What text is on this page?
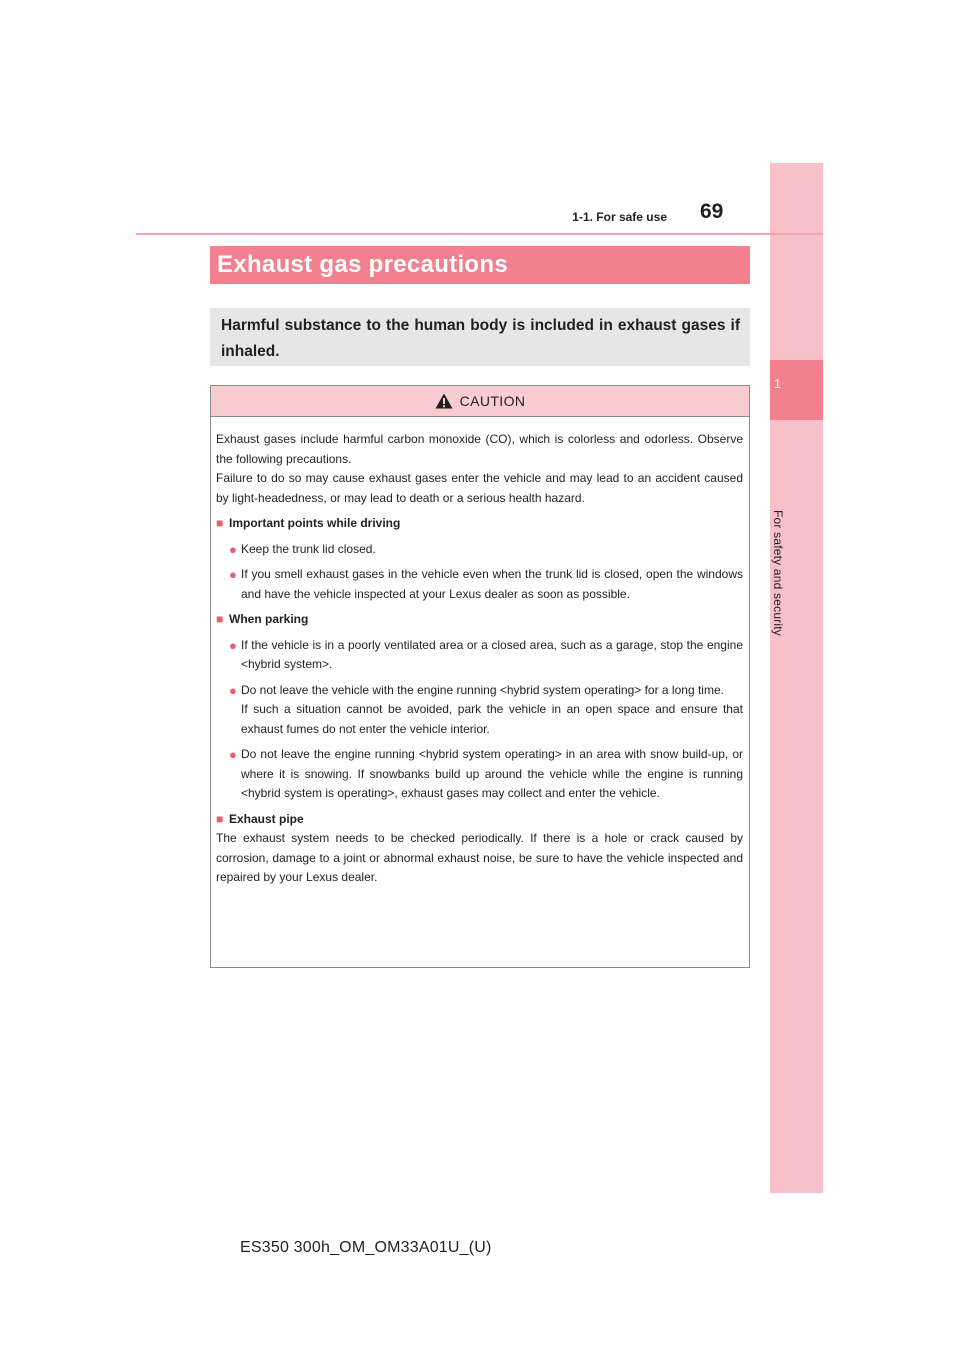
1
For safety and security
1-1. For safe use 69
Exhaust gas precautions
Harmful substance to the human body is included in exhaust gases if inhaled.
CAUTION

Exhaust gases include harmful carbon monoxide (CO), which is colorless and odorless. Observe the following precautions.

Failure to do so may cause exhaust gases enter the vehicle and may lead to an accident caused by light-headedness, or may lead to death or a serious health hazard.

■ Important points while driving
● Keep the trunk lid closed.
● If you smell exhaust gases in the vehicle even when the trunk lid is closed, open the windows and have the vehicle inspected at your Lexus dealer as soon as possible.
■ When parking
● If the vehicle is in a poorly ventilated area or a closed area, such as a garage, stop the engine <hybrid system>.
● Do not leave the vehicle with the engine running <hybrid system operating> for a long time.
If such a situation cannot be avoided, park the vehicle in an open space and ensure that exhaust fumes do not enter the vehicle interior.
● Do not leave the engine running <hybrid system operating> in an area with snow build-up, or where it is snowing. If snowbanks build up around the vehicle while the engine is running <hybrid system is operating>, exhaust gases may collect and enter the vehicle.
■ Exhaust pipe

The exhaust system needs to be checked periodically. If there is a hole or crack caused by corrosion, damage to a joint or abnormal exhaust noise, be sure to have the vehicle inspected and repaired by your Lexus dealer.

ES350 300h_OM_OM33A01U_(U)
